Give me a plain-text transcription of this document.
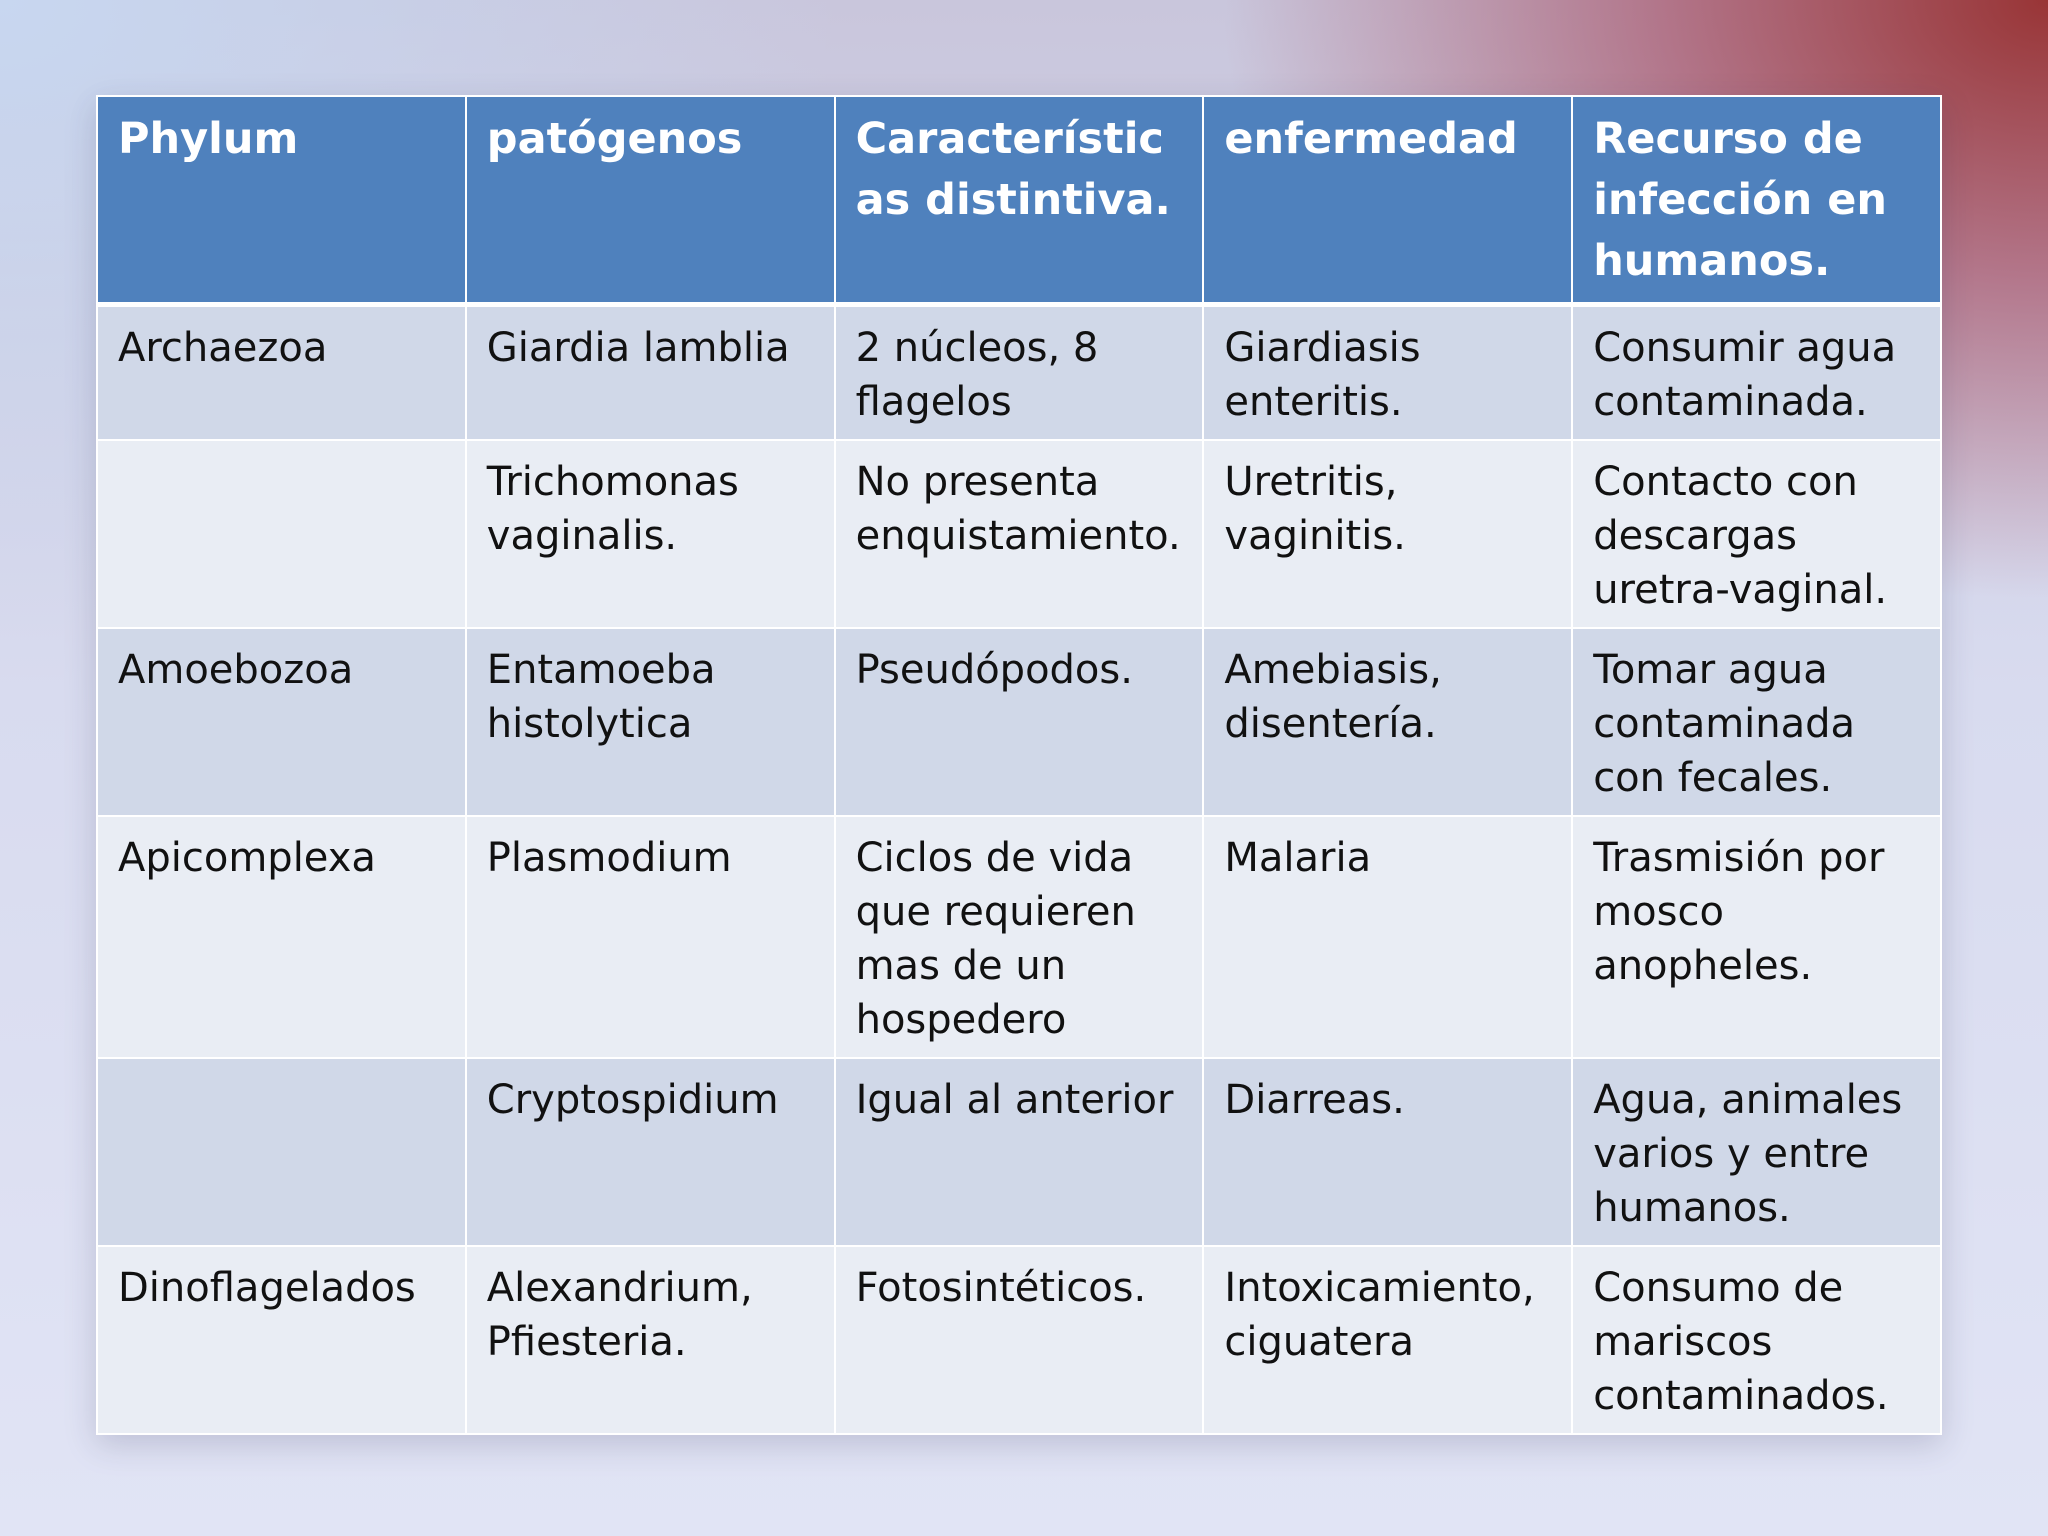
Phylum	patógenos	Características distintiva.	enfermedad	Recurso de infección en humanos.
Archaezoa	Giardia lamblia	2 núcleos, 8 flagelos	Giardiasis enteritis.	Consumir agua contaminada.
	Trichomonas vaginalis.	No presenta enquistamiento.	Uretritis, vaginitis.	Contacto con descargas uretra-vaginal.
Amoebozoa	Entamoeba histolytica	Pseudópodos.	Amebiasis, disentería.	Tomar agua contaminada con fecales.
Apicomplexa	Plasmodium	Ciclos de vida que requieren mas de un hospedero	Malaria	Trasmisión por mosco anopheles.
	Cryptospidium	Igual al anterior	Diarreas.	Agua, animales varios y entre humanos.
Dinoflagelados	Alexandrium, Pfiesteria.	Fotosintéticos.	Intoxicamiento, ciguatera	Consumo de mariscos contaminados.
